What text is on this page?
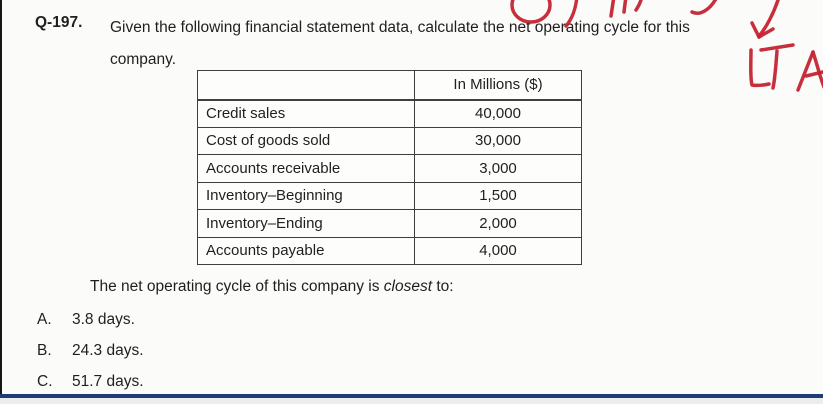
Q-197. Given the following financial statement data, calculate the net operating cycle for this
company.
	In Millions ($)
Credit sales	40,000
Cost of goods sold	30,000
Accounts receivable	3,000
Inventory–Beginning	1,500
Inventory–Ending	2,000
Accounts payable	4,000
The net operating cycle of this company is closest to:
A. 3.8 days.
B. 24.3 days.
C. 51.7 days.
